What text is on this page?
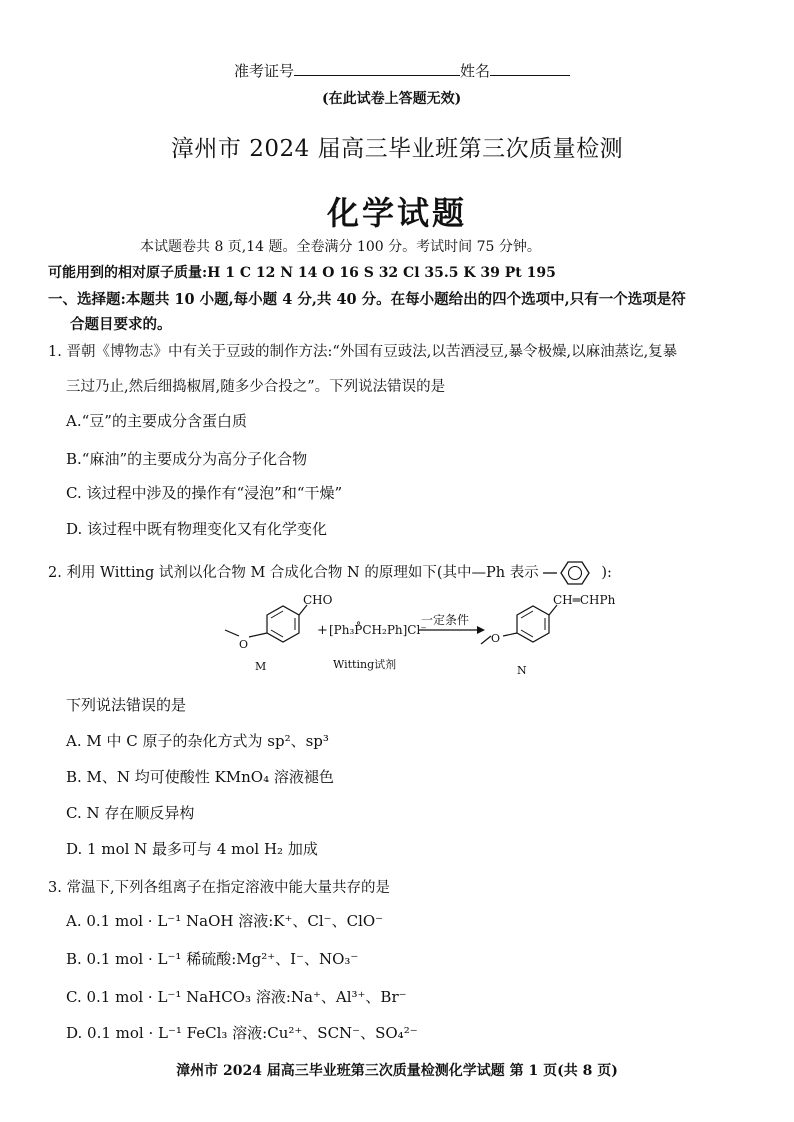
准考证号	姓名
(在此试卷上答题无效)
漳州市 2024 届高三毕业班第三次质量检测
化学试题
本试题卷共 8 页,14 题。全卷满分 100 分。考试时间 75 分钟。
可能用到的相对原子质量:H 1 C 12 N 14 O 16 S 32 Cl 35.5 K 39 Pt 195
一、选择题:本题共 10 小题,每小题 4 分,共 40 分。在每小题给出的四个选项中,只有一个选项是符
合题目要求的。
1. 晋朝《博物志》中有关于豆豉的制作方法:“外国有豆豉法,以苦酒浸豆,暴令极燥,以麻油蒸讫,复暴
三过乃止,然后细捣椒屑,随多少合投之”。下列说法错误的是
A.“豆”的主要成分含蛋白质
B.“麻油”的主要成分为高分子化合物
C. 该过程中涉及的操作有“浸泡”和“干燥”
D. 该过程中既有物理变化又有化学变化
2. 利用 Witting 试剂以化合物 M 合成化合物 N 的原理如下(其中—Ph 表示	):
CHO
O
M
+ [Ph₃P̊CH₂Ph]Cl⁻
Witting试剂
一定条件
CH═CHPh
O
N
下列说法错误的是
A. M 中 C 原子的杂化方式为 sp²、sp³
B. M、N 均可使酸性 KMnO₄ 溶液褪色
C. N 存在顺反异构
D. 1 mol N 最多可与 4 mol H₂ 加成
3. 常温下,下列各组离子在指定溶液中能大量共存的是
A. 0.1 mol · L⁻¹ NaOH 溶液:K⁺、Cl⁻、ClO⁻
B. 0.1 mol · L⁻¹ 稀硫酸:Mg²⁺、I⁻、NO₃⁻
C. 0.1 mol · L⁻¹ NaHCO₃ 溶液:Na⁺、Al³⁺、Br⁻
D. 0.1 mol · L⁻¹ FeCl₃ 溶液:Cu²⁺、SCN⁻、SO₄²⁻
漳州市 2024 届高三毕业班第三次质量检测化学试题 第 1 页(共 8 页)
